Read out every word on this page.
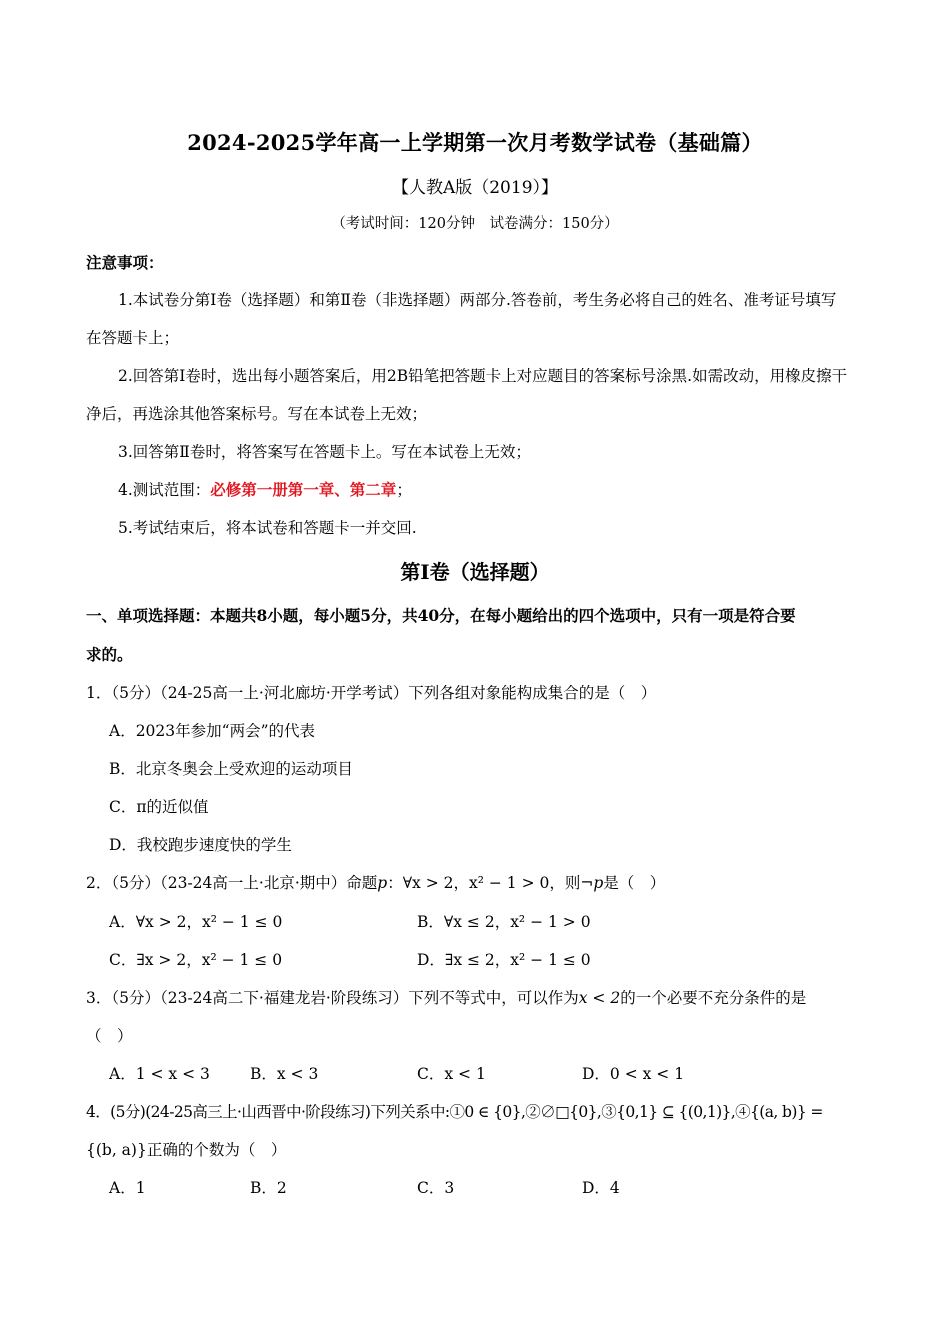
2024-2025学年高一上学期第一次月考数学试卷（基础篇）
【人教A版（2019）】
（考试时间：120分钟　试卷满分：150分）
注意事项：
1.本试卷分第Ⅰ卷（选择题）和第Ⅱ卷（非选择题）两部分.答卷前，考生务必将自己的姓名、准考证号填写
在答题卡上；
2.回答第Ⅰ卷时，选出每小题答案后，用2B铅笔把答题卡上对应题目的答案标号涂黑.如需改动，用橡皮擦干
净后，再选涂其他答案标号。写在本试卷上无效；
3.回答第Ⅱ卷时，将答案写在答题卡上。写在本试卷上无效；
4.测试范围：必修第一册第一章、第二章；
5.考试结束后，将本试卷和答题卡一并交回.
第Ⅰ卷（选择题）
一、单项选择题：本题共8小题，每小题5分，共40分，在每小题给出的四个选项中，只有一项是符合要
求的。
1．（5分）（24-25高一上·河北廊坊·开学考试）下列各组对象能构成集合的是（　）
A．2023年参加“两会”的代表
B．北京冬奥会上受欢迎的运动项目
C．π的近似值
D．我校跑步速度快的学生
2．（5分）（23-24高一上·北京·期中）命题p：∀x > 2，x² − 1 > 0，则¬p是（　）
A．∀x > 2，x² − 1 ≤ 0	B．∀x ≤ 2，x² − 1 > 0
C．∃x > 2，x² − 1 ≤ 0	D．∃x ≤ 2，x² − 1 ≤ 0
3．（5分）（23-24高二下·福建龙岩·阶段练习）下列不等式中，可以作为x < 2的一个必要不充分条件的是
（　）
A．1 < x < 3	B．x < 3	C．x < 1	D．0 < x < 1
4．(5分)(24-25高三上·山西晋中·阶段练习)下列关系中:①0 ∈ {0},②∅□{0},③{0,1} ⊆ {(0,1)},④{(a, b)} =
{(b, a)}正确的个数为（　）
A．1	B．2	C．3	D．4
